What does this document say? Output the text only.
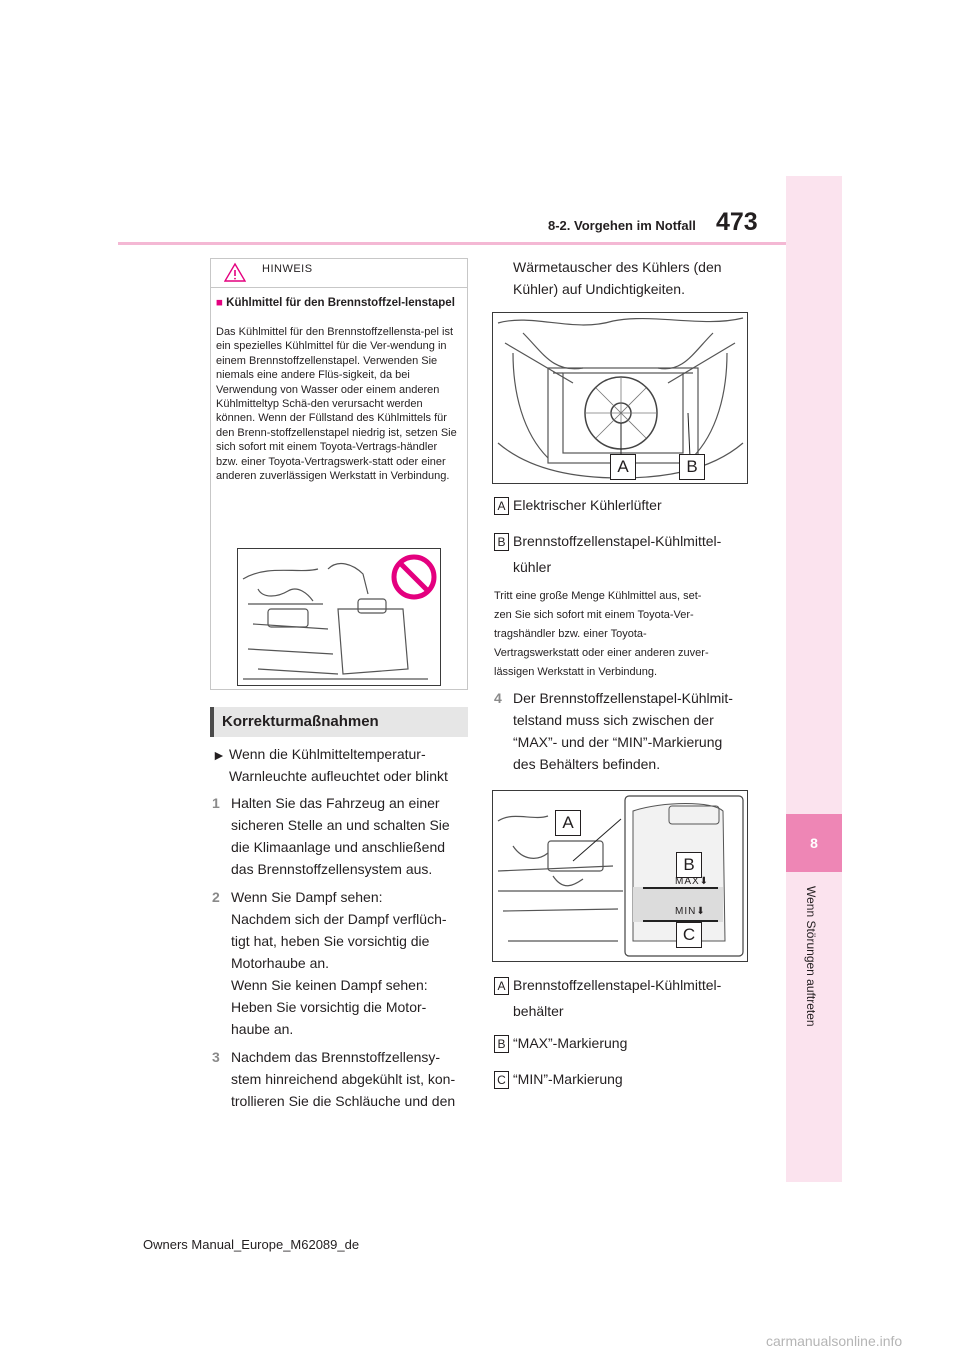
473
8-2. Vorgehen im Notfall
8
Wenn Störungen auftreten
HINWEIS
■ Kühlmittel für den Brennstoffzel-lenstapel
Das Kühlmittel für den Brennstoffzellensta-pel ist ein spezielles Kühlmittel für die Ver-wendung in einem Brennstoffzellenstapel. Verwenden Sie niemals eine andere Flüs-sigkeit, da bei Verwendung von Wasser oder einem anderen Kühlmitteltyp Schä-den verursacht werden können. Wenn der Füllstand des Kühlmittels für den Brenn-stoffzellenstapel niedrig ist, setzen Sie sich sofort mit einem Toyota-Vertrags-händler bzw. einer Toyota-Vertragswerk-statt oder einer anderen zuverlässigen Werkstatt in Verbindung.
Korrekturmaßnahmen
► Wenn die Kühlmitteltemperatur-
Warnleuchte aufleuchtet oder blinkt
1 Halten Sie das Fahrzeug an einer
sicheren Stelle an und schalten Sie
die Klimaanlage und anschließend
das Brennstoffzellensystem aus.
2 Wenn Sie Dampf sehen:
Nachdem sich der Dampf verflüch-
tigt hat, heben Sie vorsichtig die
Motorhaube an.
Wenn Sie keinen Dampf sehen:
Heben Sie vorsichtig die Motor-
haube an.
3 Nachdem das Brennstoffzellensy-
stem hinreichend abgekühlt ist, kon-
trollieren Sie die Schläuche und den
Wärmetauscher des Kühlers (den
Kühler) auf Undichtigkeiten.
A	B
A Elektrischer Kühlerlüfter
B Brennstoffzellenstapel-Kühlmittel-
kühler
Tritt eine große Menge Kühlmittel aus, set-
zen Sie sich sofort mit einem Toyota-Ver-
tragshändler bzw. einer Toyota-
Vertragswerkstatt oder einer anderen zuver-
lässigen Werkstatt in Verbindung.
4 Der Brennstoffzellenstapel-Kühlmit-
telstand muss sich zwischen der
“MAX”- und der “MIN”-Markierung
des Behälters befinden.
B
C
A
MAX⬇
MIN⬇
A Brennstoffzellenstapel-Kühlmittel-
behälter
B “MAX”-Markierung
C “MIN”-Markierung
Owners Manual_Europe_M62089_de
carmanualsonline.info
